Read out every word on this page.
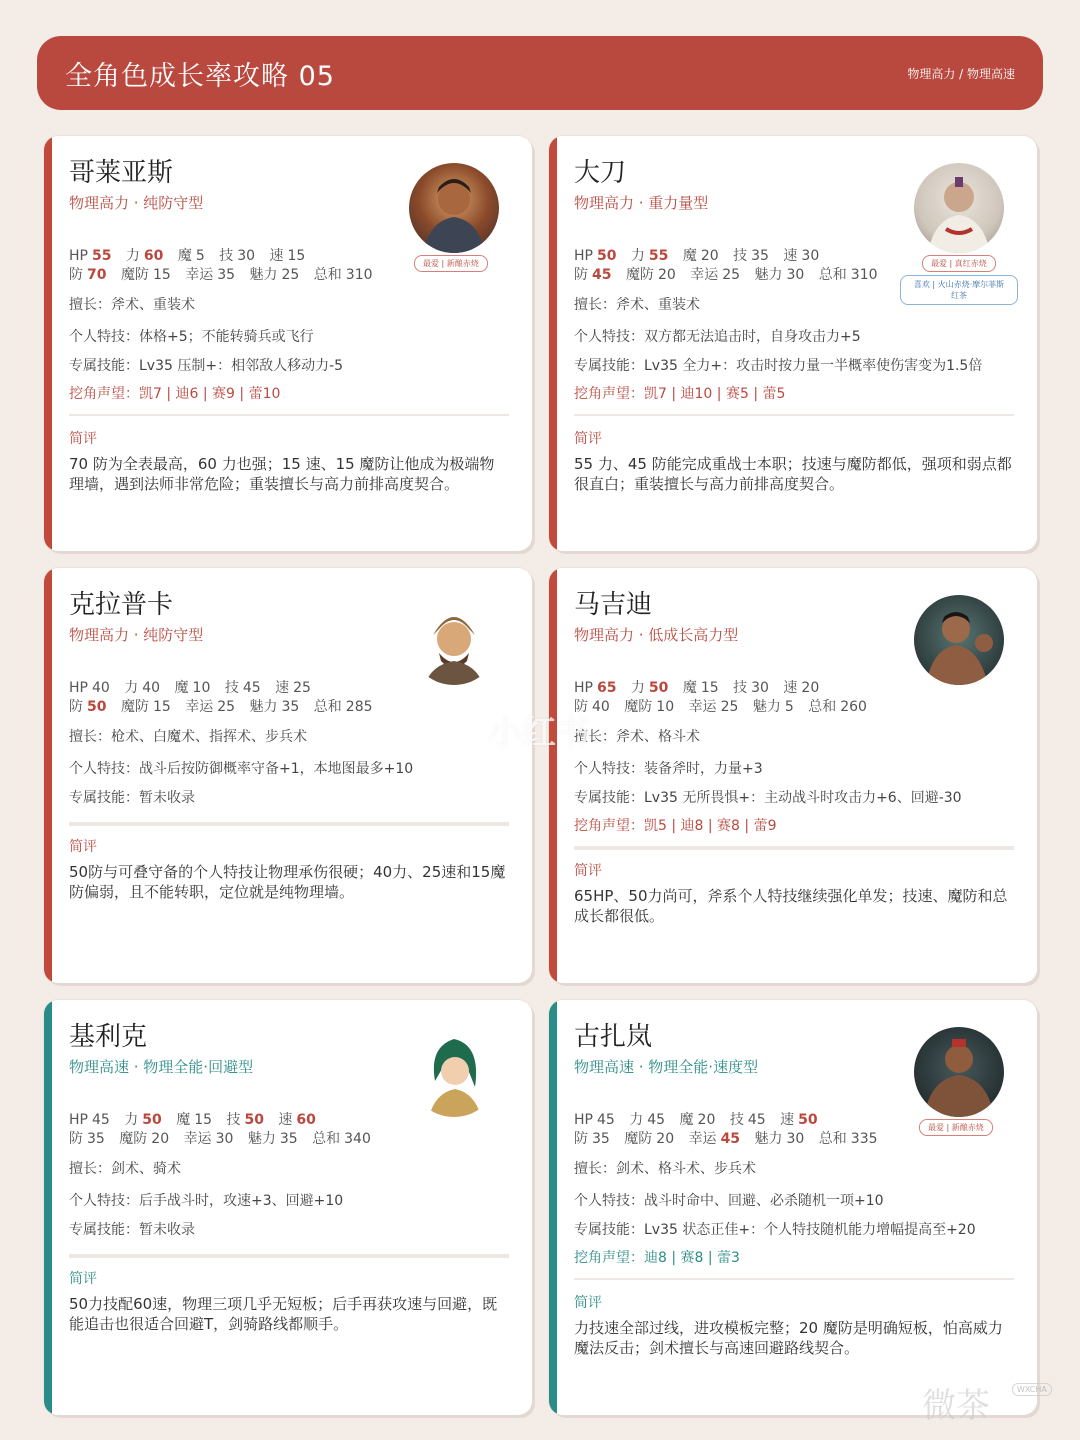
全角色成长率攻略 05	物理高力 / 物理高速
哥莱亚斯
物理高力 · 纯防守型
HP 55 力 60 魔 5 技 30 速 15
防 70 魔防 15 幸运 35 魅力 25 总和 310
擅长：斧术、重装术
个人特技：体格+5；不能转骑兵或飞行
专属技能：Lv35 压制+：相邻敌人移动力-5
挖角声望：凯7 | 迪6 | 赛9 | 蕾10
简评
70 防为全表最高，60 力也强；15 速、15 魔防让他成为极端物理墙，遇到法师非常危险；重装擅长与高力前排高度契合。
最爱 | 新酿赤烧
大刀
物理高力 · 重力量型
HP 50 力 55 魔 20 技 35 速 30
防 45 魔防 20 幸运 25 魅力 30 总和 310
擅长：斧术、重装术
个人特技：双方都无法追击时，自身攻击力+5
专属技能：Lv35 全力+：攻击时按力量一半概率使伤害变为1.5倍
挖角声望：凯7 | 迪10 | 赛5 | 蕾5
简评
55 力、45 防能完成重战士本职；技速与魔防都低，强项和弱点都很直白；重装擅长与高力前排高度契合。
最爱 | 真红赤烧
喜欢 | 火山赤烧·摩尔菲斯
红茶
克拉普卡
物理高力 · 纯防守型
HP 40 力 40 魔 10 技 45 速 25
防 50 魔防 15 幸运 25 魅力 35 总和 285
擅长：枪术、白魔术、指挥术、步兵术
个人特技：战斗后按防御概率守备+1，本地图最多+10
专属技能：暂未收录
简评
50防与可叠守备的个人特技让物理承伤很硬；40力、25速和15魔防偏弱，且不能转职，定位就是纯物理墙。
马吉迪
物理高力 · 低成长高力型
HP 65 力 50 魔 15 技 30 速 20
防 40 魔防 10 幸运 25 魅力 5 总和 260
擅长：斧术、格斗术
个人特技：装备斧时，力量+3
专属技能：Lv35 无所畏惧+：主动战斗时攻击力+6、回避-30
挖角声望：凯5 | 迪8 | 赛8 | 蕾9
简评
65HP、50力尚可，斧系个人特技继续强化单发；技速、魔防和总成长都很低。
基利克
物理高速 · 物理全能·回避型
HP 45 力 50 魔 15 技 50 速 60
防 35 魔防 20 幸运 30 魅力 35 总和 340
擅长：剑术、骑术
个人特技：后手战斗时，攻速+3、回避+10
专属技能：暂未收录
简评
50力技配60速，物理三项几乎无短板；后手再获攻速与回避，既能追击也很适合回避T，剑骑路线都顺手。
古扎岚
物理高速 · 物理全能·速度型
HP 45 力 45 魔 20 技 45 速 50
防 35 魔防 20 幸运 45 魅力 30 总和 335
擅长：剑术、格斗术、步兵术
个人特技：战斗时命中、回避、必杀随机一项+10
专属技能：Lv35 状态正佳+：个人特技随机能力增幅提高至+20
挖角声望：迪8 | 赛8 | 蕾3
简评
力技速全部过线，进攻模板完整；20 魔防是明确短板，怕高威力魔法反击；剑术擅长与高速回避路线契合。
最爱 | 新酿赤烧
小红书
微茶	WXCHA
